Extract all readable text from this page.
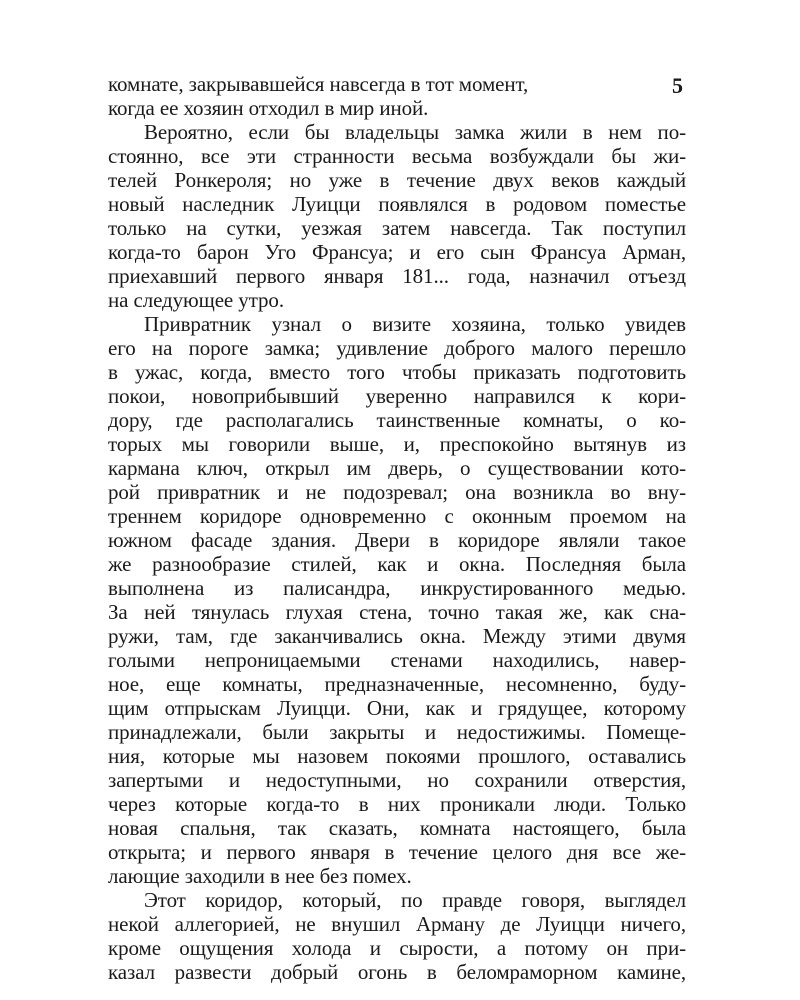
5
комнате, закрывавшейся навсегда в тот момент,
когда ее хозяин отходил в мир иной.
Вероятно, если бы владельцы замка жили в нем по-
стоянно, все эти странности весьма возбуждали бы жи-
телей Ронкероля; но уже в течение двух веков каждый
новый наследник Луицци появлялся в родовом поместье
только на сутки, уезжая затем навсегда. Так поступил
когда-то барон Уго Франсуа; и его сын Франсуа Арман,
приехавший первого января 181... года, назначил отъезд
на следующее утро.
Привратник узнал о визите хозяина, только увидев
его на пороге замка; удивление доброго малого перешло
в ужас, когда, вместо того чтобы приказать подготовить
покои, новоприбывший уверенно направился к кори-
дору, где располагались таинственные комнаты, о ко-
торых мы говорили выше, и, преспокойно вытянув из
кармана ключ, открыл им дверь, о существовании кото-
рой привратник и не подозревал; она возникла во вну-
треннем коридоре одновременно с оконным проемом на
южном фасаде здания. Двери в коридоре являли такое
же разнообразие стилей, как и окна. Последняя была
выполнена из палисандра, инкрустированного медью.
За ней тянулась глухая стена, точно такая же, как сна-
ружи, там, где заканчивались окна. Между этими двумя
голыми непроницаемыми стенами находились, навер-
ное, еще комнаты, предназначенные, несомненно, буду-
щим отпрыскам Луицци. Они, как и грядущее, которому
принадлежали, были закрыты и недостижимы. Помеще-
ния, которые мы назовем покоями прошлого, оставались
запертыми и недоступными, но сохранили отверстия,
через которые когда-то в них проникали люди. Только
новая спальня, так сказать, комната настоящего, была
открыта; и первого января в течение целого дня все же-
лающие заходили в нее без помех.
Этот коридор, который, по правде говоря, выглядел
некой аллегорией, не внушил Арману де Луицци ничего,
кроме ощущения холода и сырости, а потому он при-
казал развести добрый огонь в беломраморном камине,
